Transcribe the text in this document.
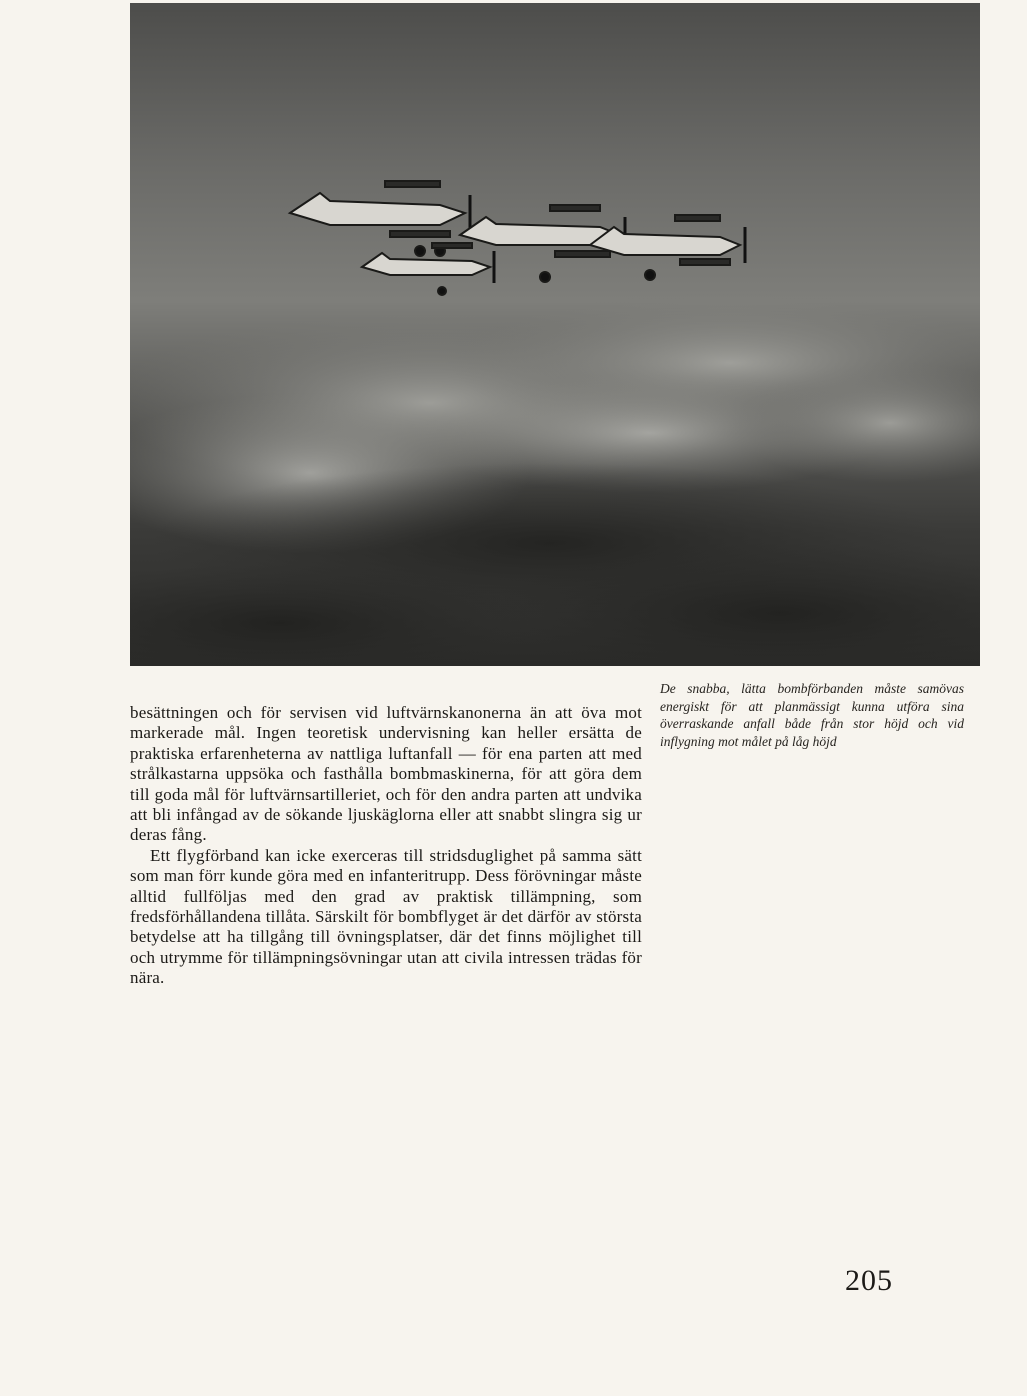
De snabba, lätta bombförbanden måste samövas energiskt för att planmässigt kunna utföra sina överraskande anfall både från stor höjd och vid inflygning mot målet på låg höjd

besättningen och för servisen vid luftvärnskanonerna än att öva mot markerade mål. Ingen teoretisk undervisning kan heller ersätta de praktiska erfarenheterna av nattliga luftanfall — för ena parten att med strålkastarna uppsöka och fasthålla bombmaskinerna, för att göra dem till goda mål för luftvärnsartilleriet, och för den andra parten att undvika att bli infångad av de sökande ljuskäglorna eller att snabbt slingra sig ur deras fång.

Ett flygförband kan icke exerceras till stridsduglighet på samma sätt som man förr kunde göra med en infanteritrupp. Dess förövningar måste alltid fullföljas med den grad av praktisk tillämpning, som fredsförhållandena tillåta. Särskilt för bombflyget är det därför av största betydelse att ha tillgång till övningsplatser, där det finns möjlighet till och utrymme för tillämpningsövningar utan att civila intressen trädas för nära.

205
